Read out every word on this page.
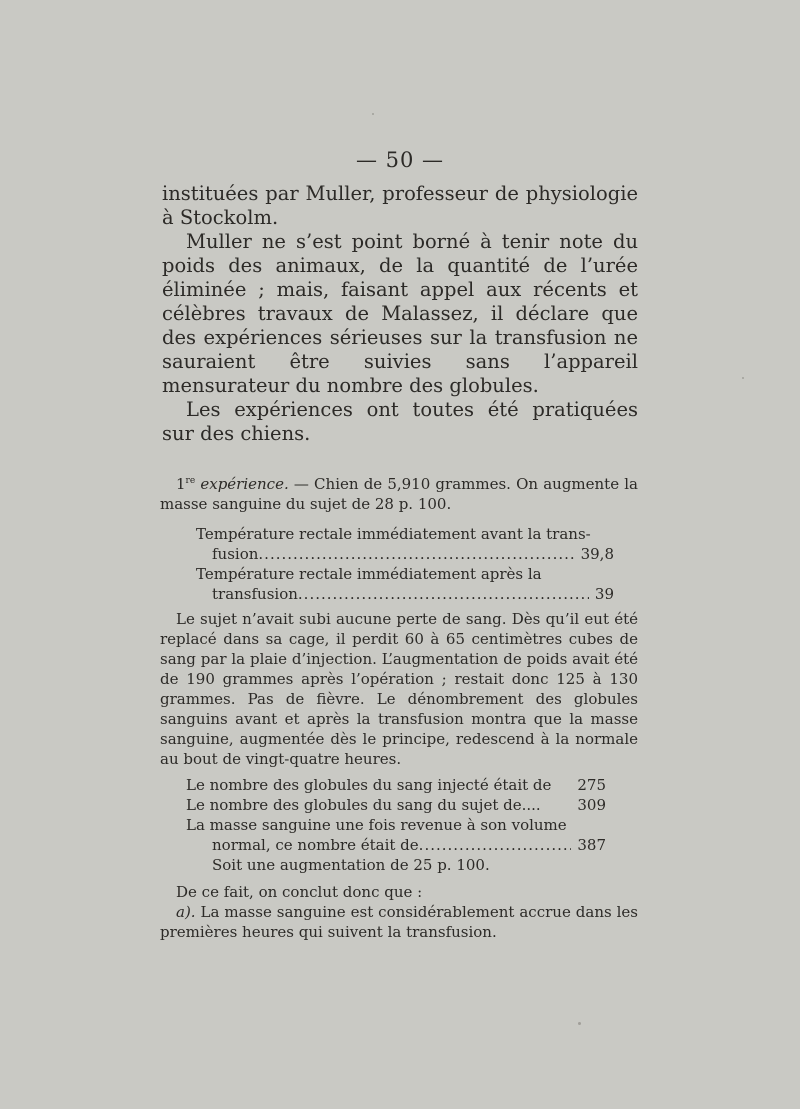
— 50 —

instituées par Muller, professeur de physiologie à Stockolm.

Muller ne s’est point borné à tenir note du poids des animaux, de la quantité de l’urée éliminée ; mais, faisant appel aux récents et célèbres travaux de Malassez, il déclare que des expériences sérieuses sur la transfusion ne sauraient être suivies sans l’appareil mensurateur du nombre des globules.

Les expériences ont toutes été pratiquées sur des chiens.

1re expérience. — Chien de 5,910 grammes. On augmente la masse sanguine du sujet de 28 p. 100.

Température rectale immédiatement avant la trans-
fusion .....	39,8
Température rectale immédiatement après la
transfusion .....	39

Le sujet n’avait subi aucune perte de sang. Dès qu’il eut été replacé dans sa cage, il perdit 60 à 65 centimètres cubes de sang par la plaie d’injection. L’augmentation de poids avait été de 190 grammes après l’opération ; restait donc 125 à 130 grammes. Pas de fièvre. Le dénombrement des globules sanguins avant et après la transfusion montra que la masse sanguine, augmentée dès le principe, redescend à la normale au bout de vingt-quatre heures.

Le nombre des globules du sang injecté était de 275
Le nombre des globules du sang du sujet de.... 309
La masse sanguine une fois revenue à son volume
normal, ce nombre était de .....	387
Soit une augmentation de 25 p. 100.

De ce fait, on conclut donc que :

a). La masse sanguine est considérablement accrue dans les premières heures qui suivent la transfusion.
